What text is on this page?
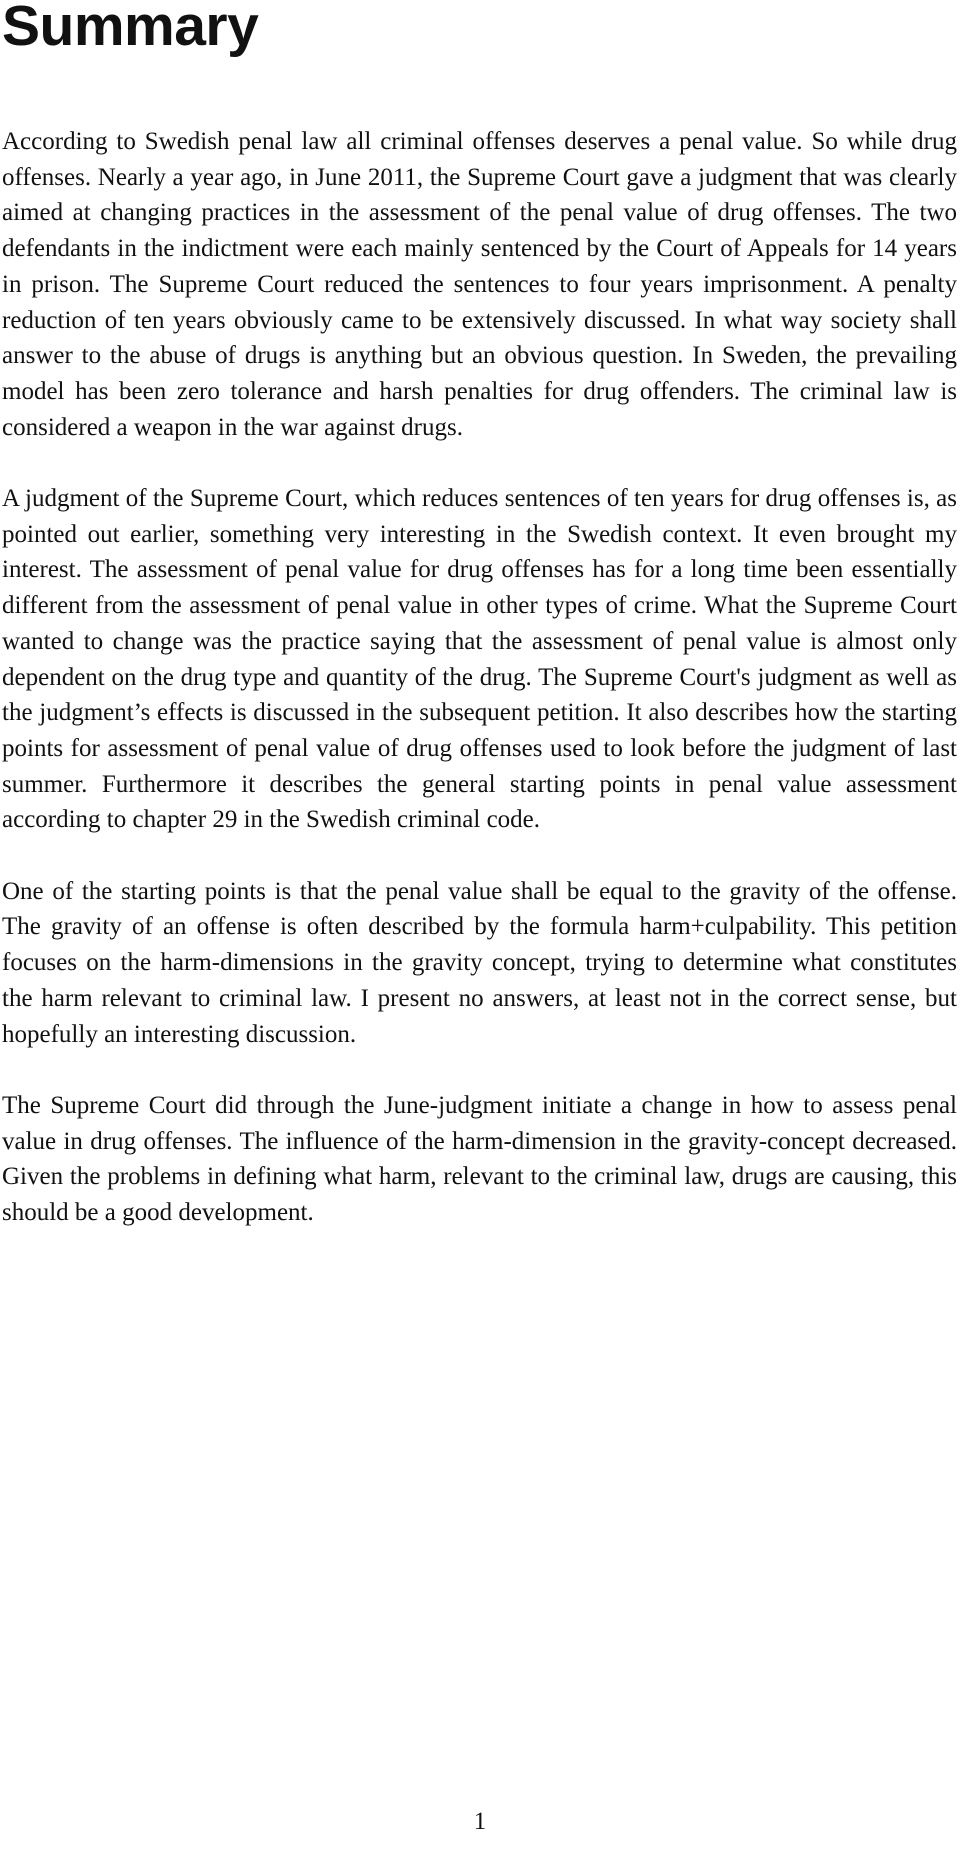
Summary

According to Swedish penal law all criminal offenses deserves a penal value. So while drug offenses. Nearly a year ago, in June 2011, the Supreme Court gave a judgment that was clearly aimed at changing practices in the assessment of the penal value of drug offenses. The two defendants in the indictment were each mainly sentenced by the Court of Appeals for 14 years in prison. The Supreme Court reduced the sentences to four years imprisonment. A penalty reduction of ten years obviously came to be extensively discussed. In what way society shall answer to the abuse of drugs is anything but an obvious question. In Sweden, the prevailing model has been zero tolerance and harsh penalties for drug offenders. The criminal law is considered a weapon in the war against drugs.

A judgment of the Supreme Court, which reduces sentences of ten years for drug offenses is, as pointed out earlier, something very interesting in the Swedish context. It even brought my interest. The assessment of penal value for drug offenses has for a long time been essentially different from the assessment of penal value in other types of crime. What the Supreme Court wanted to change was the practice saying that the assessment of penal value is almost only dependent on the drug type and quantity of the drug. The Supreme Court's judgment as well as the judgment’s effects is discussed in the subsequent petition. It also describes how the starting points for assessment of penal value of drug offenses used to look before the judgment of last summer. Furthermore it describes the general starting points in penal value assessment according to chapter 29 in the Swedish criminal code.

One of the starting points is that the penal value shall be equal to the gravity of the offense. The gravity of an offense is often described by the formula harm+culpability. This petition focuses on the harm-dimensions in the gravity concept, trying to determine what constitutes the harm relevant to criminal law. I present no answers, at least not in the correct sense, but hopefully an interesting discussion.

The Supreme Court did through the June-judgment initiate a change in how to assess penal value in drug offenses. The influence of the harm-dimension in the gravity-concept decreased. Given the problems in defining what harm, relevant to the criminal law, drugs are causing, this should be a good development.

1
